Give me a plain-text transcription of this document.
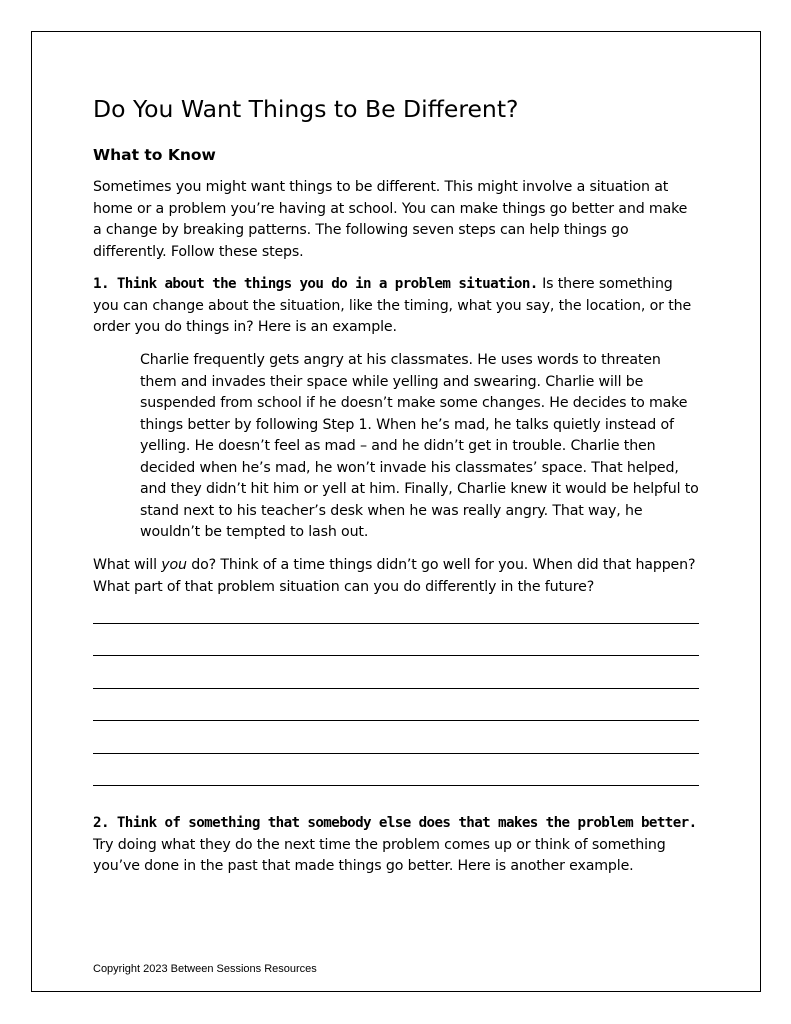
Do You Want Things to Be Different?
What to Know

Sometimes you might want things to be different. This might involve a situation at home or a problem you’re having at school. You can make things go better and make a change by breaking patterns. The following seven steps can help things go differently. Follow these steps.

1. Think about the things you do in a problem situation. Is there something you can change about the situation, like the timing, what you say, the location, or the order you do things in? Here is an example.

Charlie frequently gets angry at his classmates. He uses words to threaten them and invades their space while yelling and swearing. Charlie will be suspended from school if he doesn’t make some changes. He decides to make things better by following Step 1. When he’s mad, he talks quietly instead of yelling. He doesn’t feel as mad – and he didn’t get in trouble. Charlie then decided when he’s mad, he won’t invade his classmates’ space. That helped, and they didn’t hit him or yell at him. Finally, Charlie knew it would be helpful to stand next to his teacher’s desk when he was really angry. That way, he wouldn’t be tempted to lash out.

What will you do? Think of a time things didn’t go well for you. When did that happen? What part of that problem situation can you do differently in the future?

2. Think of something that somebody else does that makes the problem better. Try doing what they do the next time the problem comes up or think of something you’ve done in the past that made things go better. Here is another example.

Copyright 2023 Between Sessions Resources
